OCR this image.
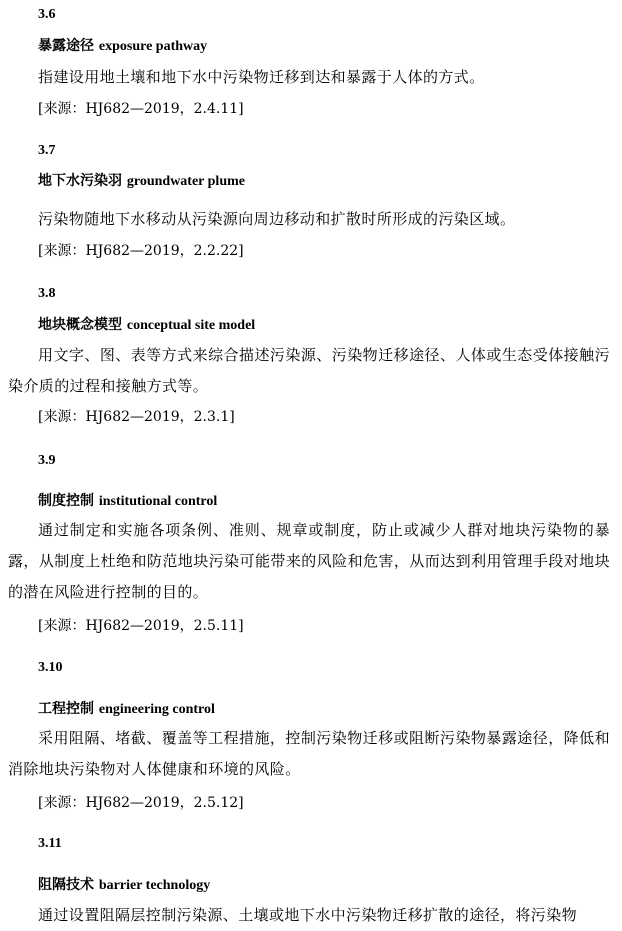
3.6
暴露途径 exposure pathway
指建设用地土壤和地下水中污染物迁移到达和暴露于人体的方式。
[来源：HJ682—2019，2.4.11]
3.7
地下水污染羽 groundwater plume
污染物随地下水移动从污染源向周边移动和扩散时所形成的污染区域。
[来源：HJ682—2019，2.2.22]
3.8
地块概念模型 conceptual site model
用文字、图、表等方式来综合描述污染源、污染物迁移途径、人体或生态受体接触污染介质的过程和接触方式等。
[来源：HJ682—2019，2.3.1]
3.9
制度控制 institutional control
通过制定和实施各项条例、准则、规章或制度，防止或减少人群对地块污染物的暴露，从制度上杜绝和防范地块污染可能带来的风险和危害，从而达到利用管理手段对地块的潜在风险进行控制的目的。
[来源：HJ682—2019，2.5.11]
3.10
工程控制 engineering control
采用阻隔、堵截、覆盖等工程措施，控制污染物迁移或阻断污染物暴露途径，降低和消除地块污染物对人体健康和环境的风险。
[来源：HJ682—2019，2.5.12]
3.11
阻隔技术 barrier technology
通过设置阻隔层控制污染源、土壤或地下水中污染物迁移扩散的途径，将污染物
